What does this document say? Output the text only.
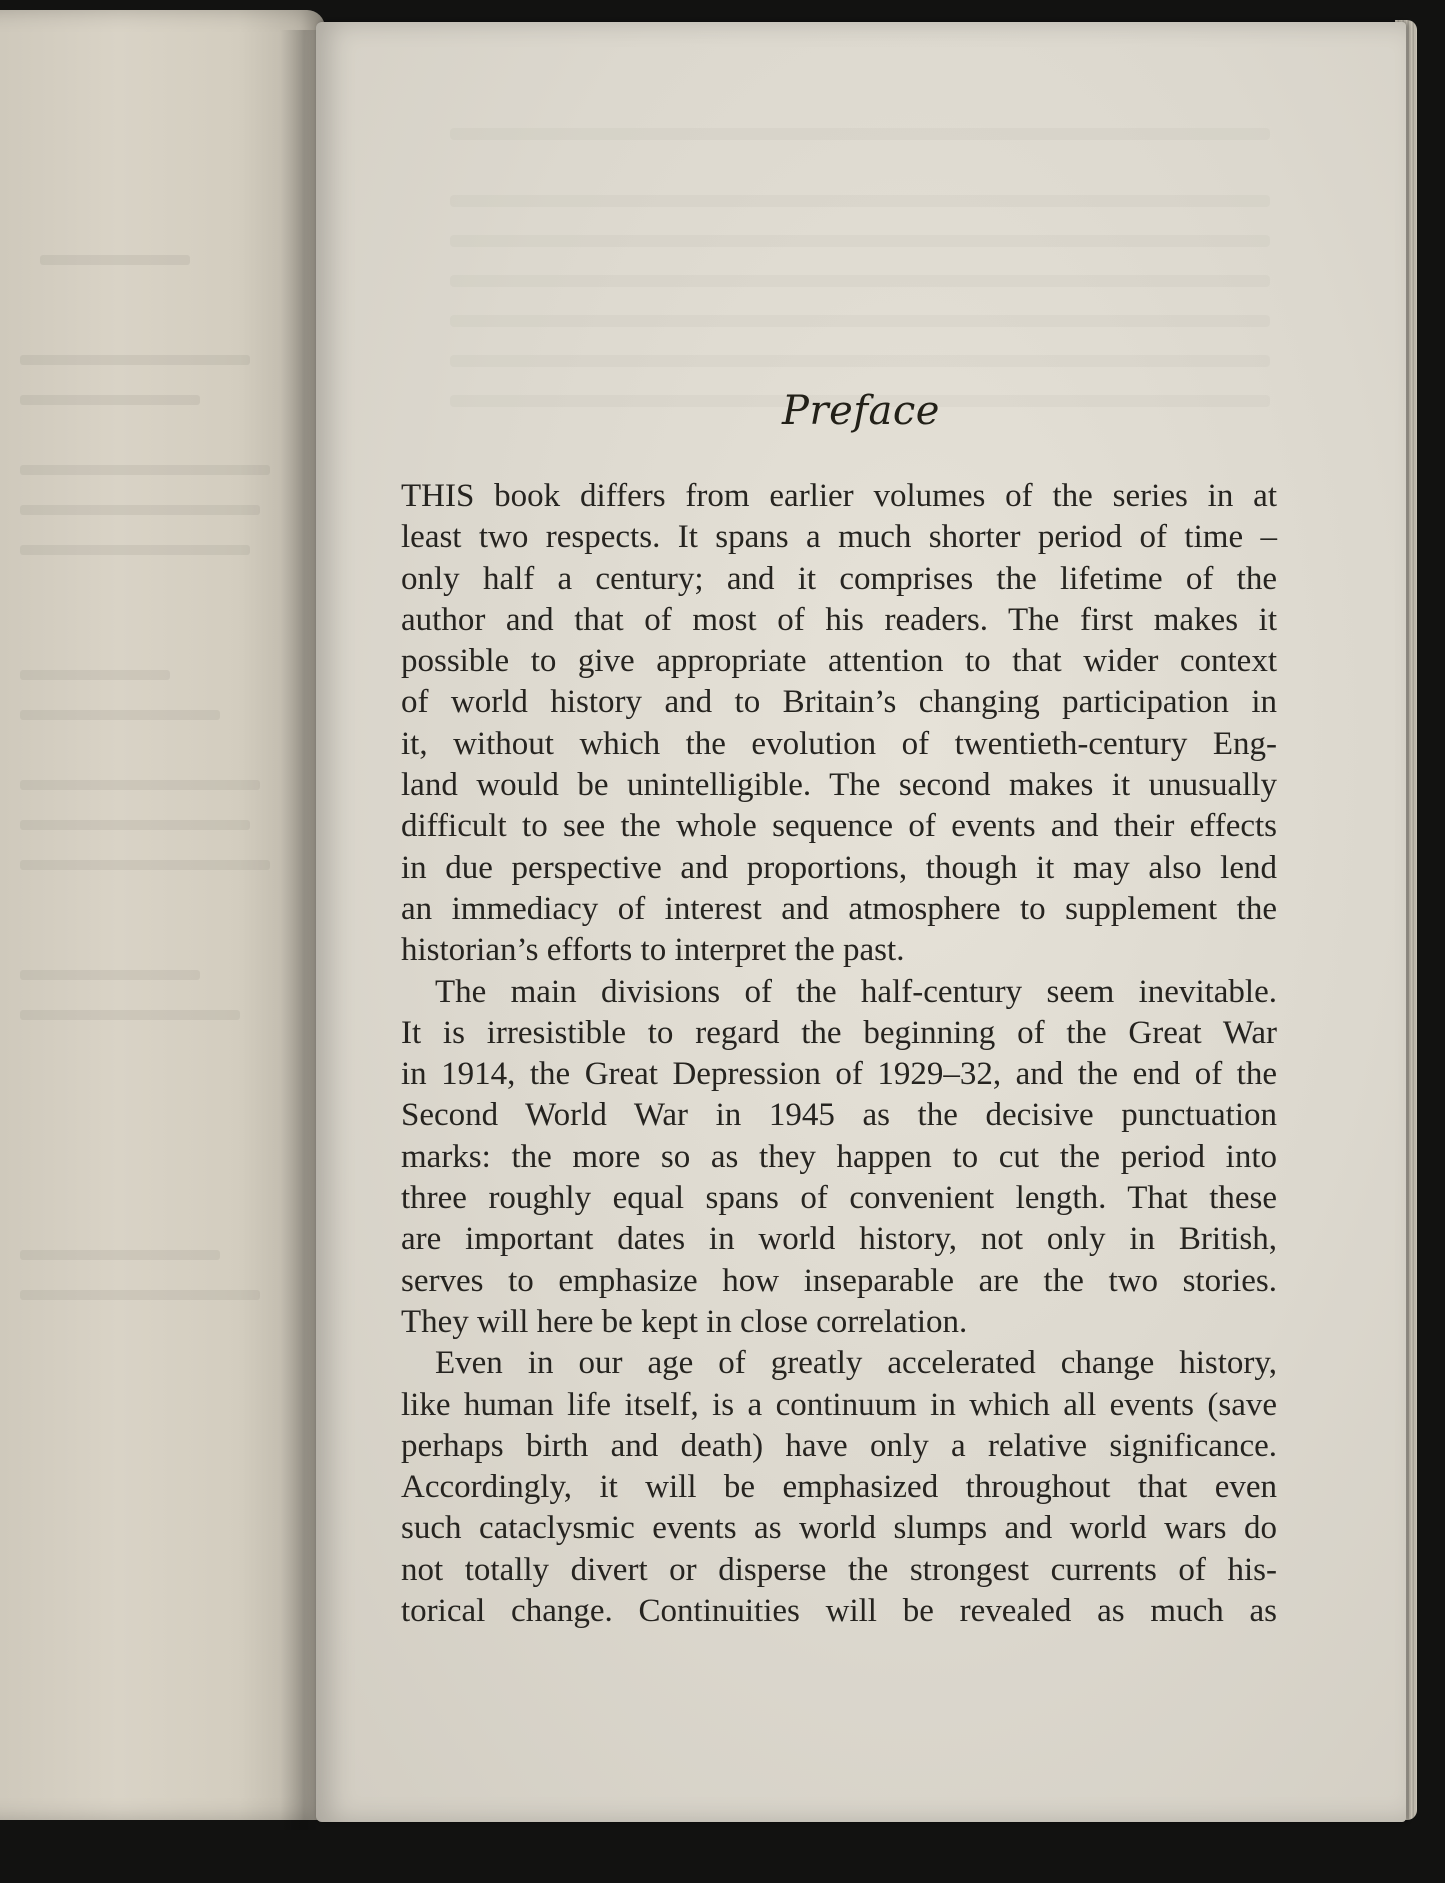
Preface
THIS book differs from earlier volumes of the series in at
least two respects. It spans a much shorter period of time –
only half a century; and it comprises the lifetime of the
author and that of most of his readers. The first makes it
possible to give appropriate attention to that wider context
of world history and to Britain’s changing participation in
it, without which the evolution of twentieth-century Eng-
land would be unintelligible. The second makes it unusually
difficult to see the whole sequence of events and their effects
in due perspective and proportions, though it may also lend
an immediacy of interest and atmosphere to supplement the
historian’s efforts to interpret the past.
The main divisions of the half-century seem inevitable.
It is irresistible to regard the beginning of the Great War
in 1914, the Great Depression of 1929–32, and the end of the
Second World War in 1945 as the decisive punctuation
marks: the more so as they happen to cut the period into
three roughly equal spans of convenient length. That these
are important dates in world history, not only in British,
serves to emphasize how inseparable are the two stories.
They will here be kept in close correlation.
Even in our age of greatly accelerated change history,
like human life itself, is a continuum in which all events (save
perhaps birth and death) have only a relative significance.
Accordingly, it will be emphasized throughout that even
such cataclysmic events as world slumps and world wars do
not totally divert or disperse the strongest currents of his-
torical change. Continuities will be revealed as much as
